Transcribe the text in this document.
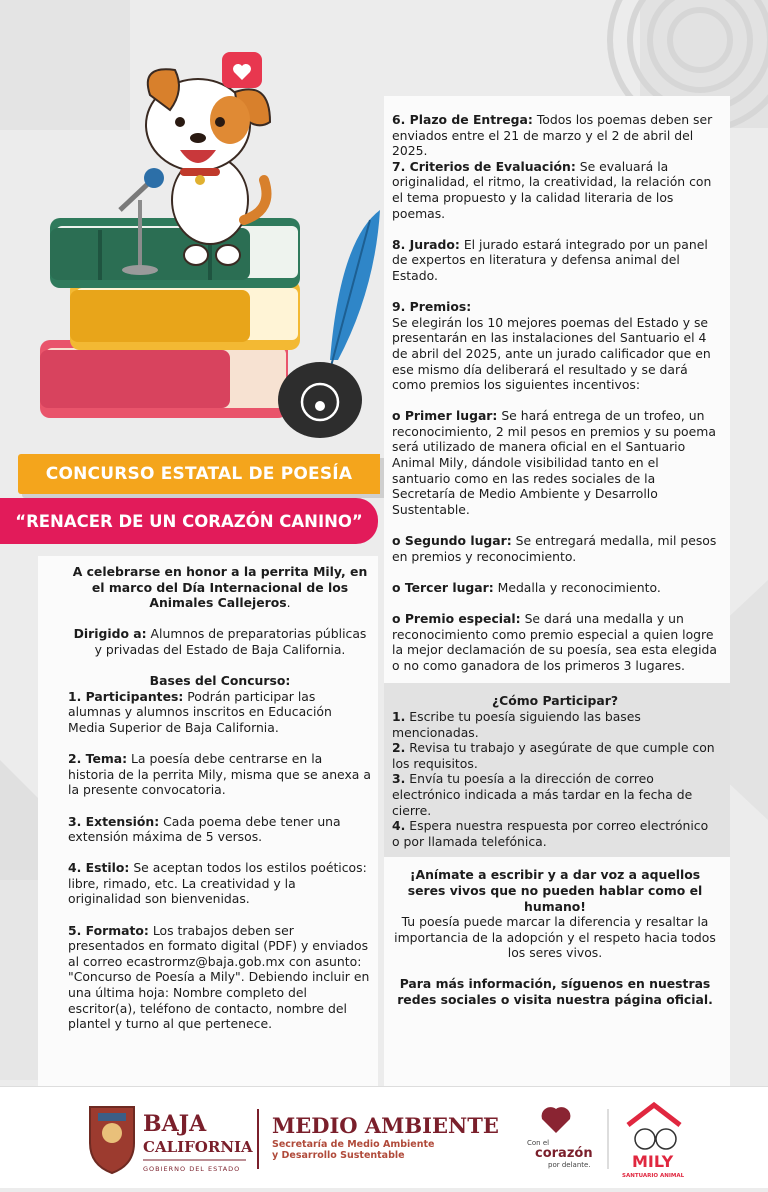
CONCURSO ESTATAL DE POESÍA
“RENACER DE UN CORAZÓN CANINO”

A celebrarse en honor a la perrita Mily, en el marco del Día Internacional de los Animales Callejeros.

Dirigido a: Alumnos de preparatorias públicas y privadas del Estado de Baja California.

Bases del Concurso:

1. Participantes: Podrán participar las alumnas y alumnos inscritos en Educación Media Superior de Baja California.

2. Tema: La poesía debe centrarse en la historia de la perrita Mily, misma que se anexa a la presente convocatoria.

3. Extensión: Cada poema debe tener una extensión máxima de 5 versos.

4. Estilo: Se aceptan todos los estilos poéticos: libre, rimado, etc. La creatividad y la originalidad son bienvenidas.

5. Formato: Los trabajos deben ser presentados en formato digital (PDF) y enviados al correo ecastrormz@baja.gob.mx con asunto: "Concurso de Poesía a Mily". Debiendo incluir en una última hoja: Nombre completo del escritor(a), teléfono de contacto, nombre del plantel y turno al que pertenece.

6. Plazo de Entrega: Todos los poemas deben ser enviados entre el 21 de marzo y el 2 de abril del 2025.

7. Criterios de Evaluación: Se evaluará la originalidad, el ritmo, la creatividad, la relación con el tema propuesto y la calidad literaria de los poemas.

8. Jurado: El jurado estará integrado por un panel de expertos en literatura y defensa animal del Estado.

9. Premios:

Se elegirán los 10 mejores poemas del Estado y se presentarán en las instalaciones del Santuario el 4 de abril del 2025, ante un jurado calificador que en ese mismo día deliberará el resultado y se dará como premios los siguientes incentivos:

o Primer lugar: Se hará entrega de un trofeo, un reconocimiento, 2 mil pesos en premios y su poema será utilizado de manera oficial en el Santuario Animal Mily, dándole visibilidad tanto en el santuario como en las redes sociales de la Secretaría de Medio Ambiente y Desarrollo Sustentable.

o Segundo lugar: Se entregará medalla, mil pesos en premios y reconocimiento.

o Tercer lugar: Medalla y reconocimiento.

o Premio especial: Se dará una medalla y un reconocimiento como premio especial a quien logre la mejor declamación de su poesía, sea esta elegida o no como ganadora de los primeros 3 lugares.

¿Cómo Participar?

1. Escribe tu poesía siguiendo las bases mencionadas.

2. Revisa tu trabajo y asegúrate de que cumple con los requisitos.

3. Envía tu poesía a la dirección de correo electrónico indicada a más tardar en la fecha de cierre.

4. Espera nuestra respuesta por correo electrónico o por llamada telefónica.

¡Anímate a escribir y a dar voz a aquellos seres vivos que no pueden hablar como el humano!

Tu poesía puede marcar la diferencia y resaltar la importancia de la adopción y el respeto hacia todos los seres vivos.

Para más información, síguenos en nuestras redes sociales o visita nuestra página oficial.

BAJA
CALIFORNIA
GOBIERNO DEL ESTADO
MEDIO AMBIENTE
Secretaría de Medio Ambiente
y Desarrollo Sustentable
Con el
corazón
por delante.	MILY
SANTUARIO ANIMAL
